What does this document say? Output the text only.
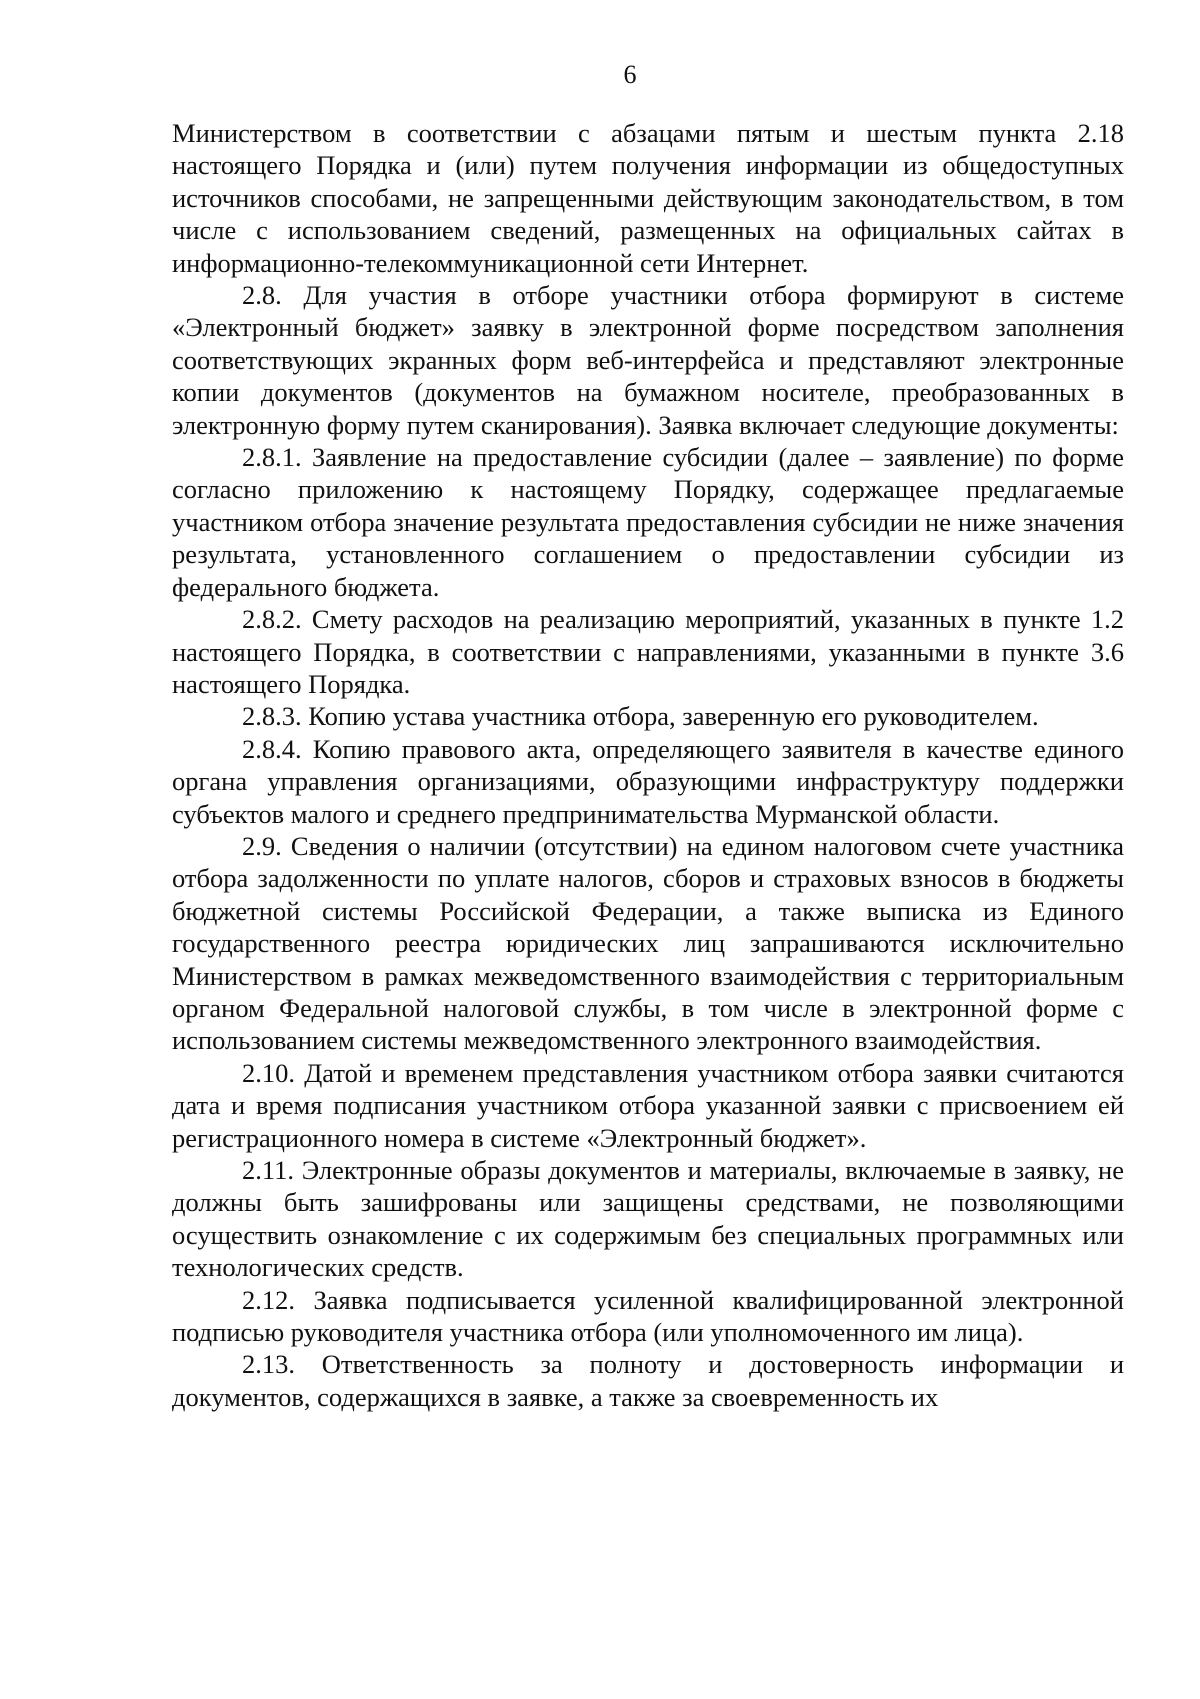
6

Министерством в соответствии с абзацами пятым и шестым пункта 2.18 настоящего Порядка и (или) путем получения информации из общедоступных источников способами, не запрещенными действующим законодательством, в том числе с использованием сведений, размещенных на официальных сайтах в информационно-телекоммуникационной сети Интернет.

2.8. Для участия в отборе участники отбора формируют в системе «Электронный бюджет» заявку в электронной форме посредством заполнения соответствующих экранных форм веб-интерфейса и представляют электронные копии документов (документов на бумажном носителе, преобразованных в электронную форму путем сканирования). Заявка включает следующие документы:

2.8.1. Заявление на предоставление субсидии (далее – заявление) по форме согласно приложению к настоящему Порядку, содержащее предлагаемые участником отбора значение результата предоставления субсидии не ниже значения результата, установленного соглашением о предоставлении субсидии из федерального бюджета.

2.8.2. Смету расходов на реализацию мероприятий, указанных в пункте 1.2 настоящего Порядка, в соответствии с направлениями, указанными в пункте 3.6 настоящего Порядка.

2.8.3. Копию устава участника отбора, заверенную его руководителем.

2.8.4. Копию правового акта, определяющего заявителя в качестве единого органа управления организациями, образующими инфраструктуру поддержки субъектов малого и среднего предпринимательства Мурманской области.

2.9. Сведения о наличии (отсутствии) на едином налоговом счете участника отбора задолженности по уплате налогов, сборов и страховых взносов в бюджеты бюджетной системы Российской Федерации, а также выписка из Единого государственного реестра юридических лиц запрашиваются исключительно Министерством в рамках межведомственного взаимодействия с территориальным органом Федеральной налоговой службы, в том числе в электронной форме с использованием системы межведомственного электронного взаимодействия.

2.10. Датой и временем представления участником отбора заявки считаются дата и время подписания участником отбора указанной заявки с присвоением ей регистрационного номера в системе «Электронный бюджет».

2.11. Электронные образы документов и материалы, включаемые в заявку, не должны быть зашифрованы или защищены средствами, не позволяющими осуществить ознакомление с их содержимым без специальных программных или технологических средств.

2.12. Заявка подписывается усиленной квалифицированной электронной подписью руководителя участника отбора (или уполномоченного им лица).

2.13. Ответственность за полноту и достоверность информации и документов, содержащихся в заявке, а также за своевременность их
